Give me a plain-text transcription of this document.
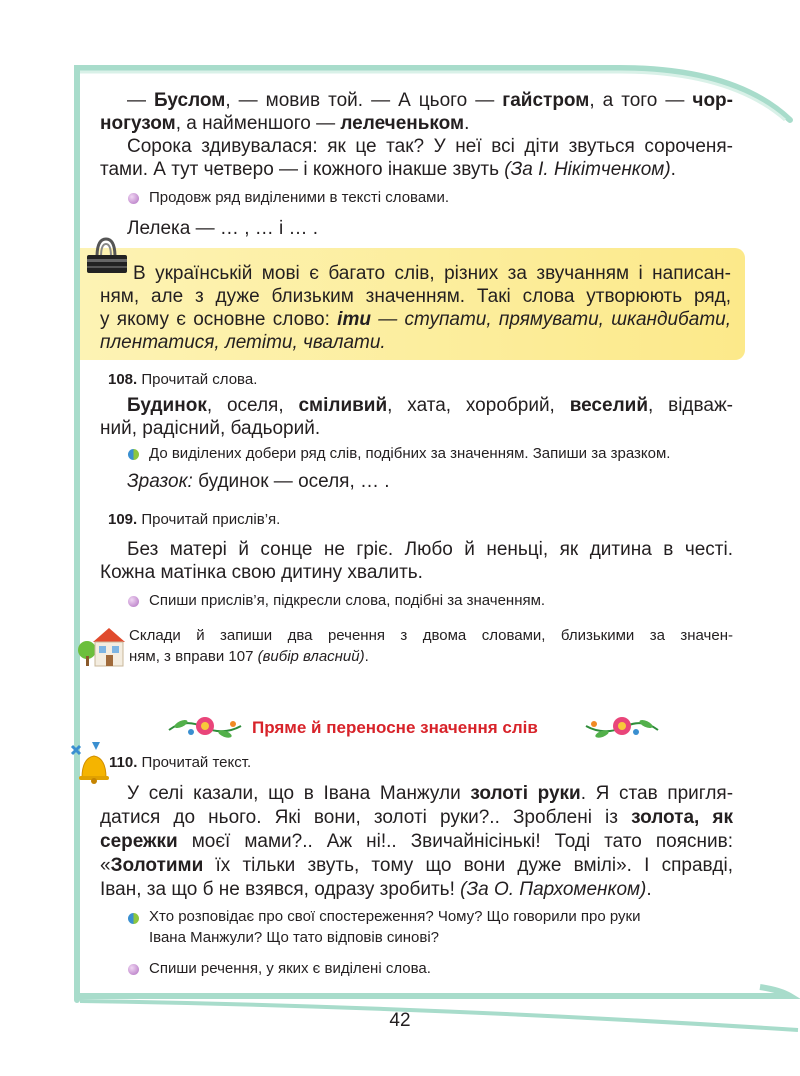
— Буслом, — мовив той. — А цього — гайстром, а того — чор-
ногузом, а найменшого — лелеченьком.
Сорока здивувалася: як це так? У неї всі діти звуться сороченя-
тами. А тут четверо — і кожного інакше звуть (За І. Нікітченком).
Продовж ряд виділеними в тексті словами.
Лелека — … , … і … .
В українській мові є багато слів, різних за звучанням і написан-
ням, але з дуже близьким значенням. Такі слова утворюють ряд,
у якому є основне слово: іти — ступати, прямувати, шкандибати,
плентатися, летіти, чвалати.
108. Прочитай слова.
Будинок, оселя, сміливий, хата, хоробрий, веселий, відваж-
ний, радісний, бадьорий.
До виділених добери ряд слів, подібних за значенням. Запиши за зразком.
Зразок: будинок — оселя, … .
109. Прочитай прислів’я.
Без матері й сонце не гріє. Любо й неньці, як дитина в честі.
Кожна матінка свою дитину хвалить.
Спиши прислів’я, підкресли слова, подібні за значенням.
Склади й запиши два речення з двома словами, близькими за значен-
ням, з вправи 107 (вибір власний).
Пряме й переносне значення слів
110. Прочитай текст.
У селі казали, що в Івана Манжули золоті руки. Я став пригля-
датися до нього. Які вони, золоті руки?.. Зроблені із золота, як
сережки моєї мами?.. Аж ні!.. Звичайнісінькі! Тоді тато пояснив:
«Золотими їх тільки звуть, тому що вони дуже вмілі». І справді,
Іван, за що б не взявся, одразу зробить! (За О. Пархоменком).
Хто розповідає про свої спостереження? Чому? Що говорили про руки
Івана Манжули? Що тато відповів синові?
Спиши речення, у яких є виділені слова.
42
